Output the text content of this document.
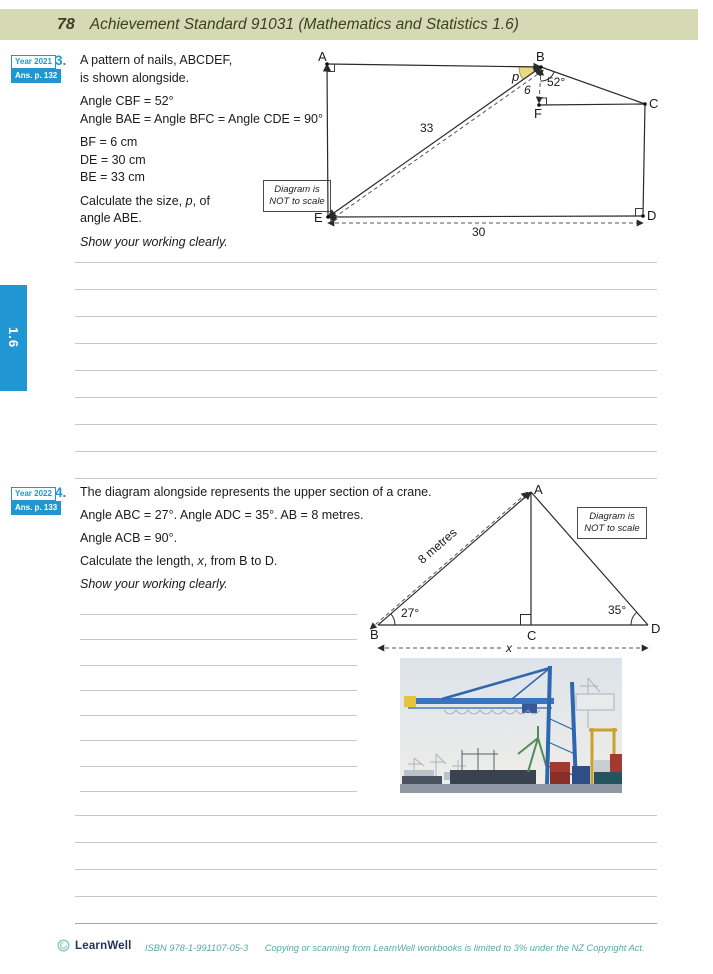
78 Achievement Standard 91031 (Mathematics and Statistics 1.6)
Year 2021 Ans. p. 132
3. A pattern of nails, ABCDEF,
is shown alongside.
Angle CBF = 52°
Angle BAE = Angle BFC = Angle CDE = 90°
BF = 6 cm
DE = 30 cm
BE = 33 cm
Calculate the size, p, of
angle ABE.
Show your working clearly.
Diagram is
NOT to scale
A	B
C
D
E
F
33
30
6
52°
p
1.6
Year 2022 Ans. p. 133
4. The diagram alongside represents the upper section of a crane.
Angle ABC = 27°. Angle ADC = 35°. AB = 8 metres.
Angle ACB = 90°.
Calculate the length, x, from B to D.
Show your working clearly.
A
B	C	D
27°	35°
8 metres
x
Diagram is
NOT to scale
LearnWell ISBN 978-1-991107-05-3 Copying or scanning from LearnWell workbooks is limited to 3% under the NZ Copyright Act.
